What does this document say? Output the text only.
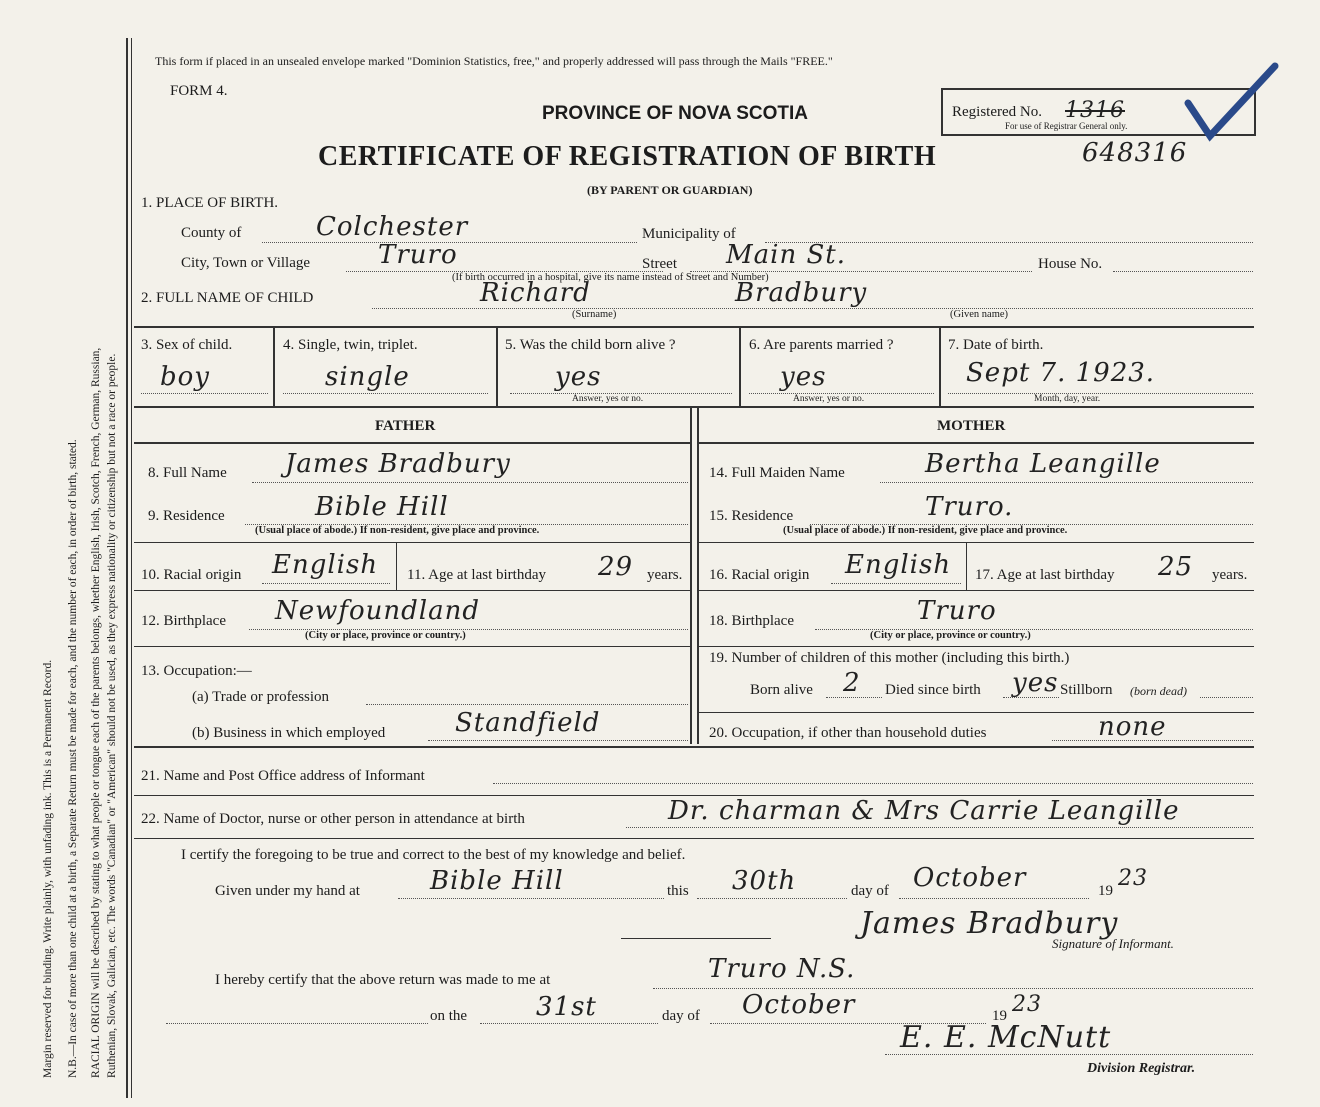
Margin reserved for binding. Write plainly, with unfading ink. This is a Permanent Record. N.B.—In case of more than one child at a birth, a Separate Return must be made for each, and the number of each, in order of birth, stated. RACIAL ORIGIN will be described by stating to what people or tongue each of the parents belongs, whether English, Irish, Scotch, French, German, Russian, Ruthenian, Slovak, Galician, etc. The words "Canadian" or "American" should not be used, as they express nationality or citizenship but not a race or people.
This form if placed in an unsealed envelope marked "Dominion Statistics, free," and properly addressed will pass through the Mails "FREE."
FORM 4.
PROVINCE OF NOVA SCOTIA
CERTIFICATE OF REGISTRATION OF BIRTH	648316
(BY PARENT OR GUARDIAN)
Registered No. 1316
For use of Registrar General only.
1. PLACE OF BIRTH.
County of	Colchester	Municipality of
City, Town or Village	Truro	Street Main St.	House No.
(If birth occurred in a hospital, give its name instead of Street and Number)
2. FULL NAME OF CHILD	Richard	Bradbury
(Surname)	(Given name)
3. Sex of child.
boy
4. Single, twin, triplet.
single
5. Was the child born alive ?
yes
Answer, yes or no.
6. Are parents married ?
yes
Answer, yes or no.
7. Date of birth.
Sept 7. 1923.
Month, day, year.
FATHER	MOTHER
8. Full Name James Bradbury
9. Residence	Bible Hill
(Usual place of abode.) If non-resident, give place and province.
10. Racial origin English 11. Age at last birthday 29 years.
12. Birthplace Newfoundland
(City or place, province or country.)
13. Occupation:—
(a) Trade or profession
(b) Business in which employed	Standfield
14. Full Maiden Name	Bertha Leangille
15. Residence	Truro.
(Usual place of abode.) If non-resident, give place and province.
16. Racial origin English 17. Age at last birthday 25 years.
18. Birthplace	Truro
(City or place, province or country.)
19. Number of children of this mother (including this birth.)
Born alive 2 Died since birth yes Stillborn (born dead)
20. Occupation, if other than household duties	none
21. Name and Post Office address of Informant
22. Name of Doctor, nurse or other person in attendance at birth	Dr. charman & Mrs Carrie Leangille
I certify the foregoing to be true and correct to the best of my knowledge and belief.
Given under my hand at	Bible Hill	this 30th	day of October	19 23
James Bradbury
Signature of Informant.
I hereby certify that the above return was made to me at	Truro N.S.
on the	31st	day of October	19 23
E. E. McNutt
Division Registrar.
